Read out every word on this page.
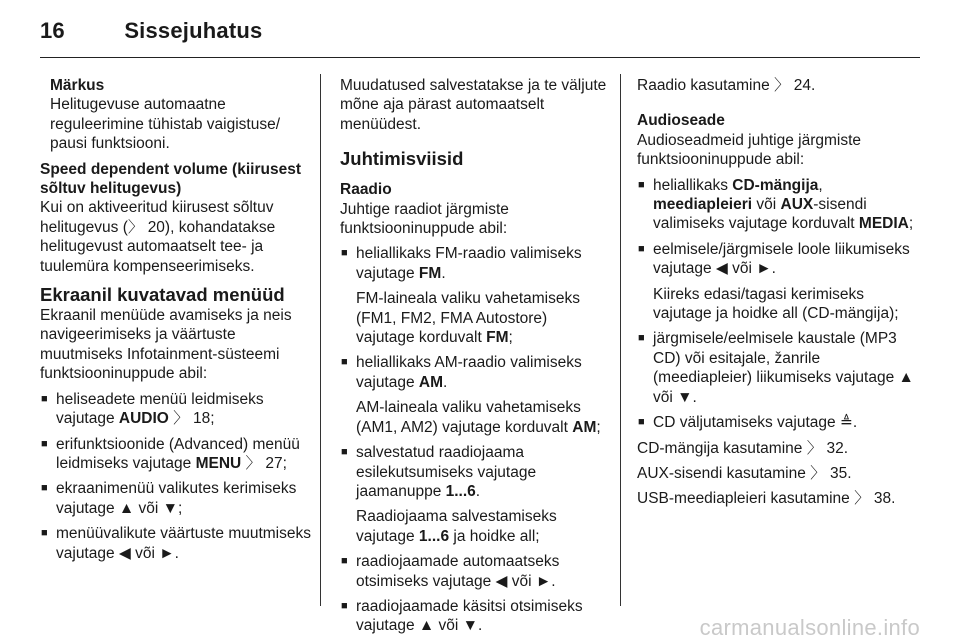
16	Sissejuhatus
Märkus
Helitugevuse automaatne reguleerimine tühistab vaigistuse/ pausi funktsiooni.

Speed dependent volume (kiirusest sõltuv helitugevus)

Kui on aktiveeritud kiirusest sõltuv helitugevus (〉 20), kohandatakse helitugevust automaatselt tee- ja tuulemüra kompenseerimiseks.

Ekraanil kuvatavad menüüd

Ekraanil menüüde avamiseks ja neis navigeerimiseks ja väärtuste muutmiseks Infotainment-süsteemi funktsiooninuppude abil:

■ heliseadete menüü leidmiseks vajutage AUDIO 〉 18;
■ erifunktsioonide (Advanced) menüü leidmiseks vajutage MENU 〉 27;
■ ekraanimenüü valikutes kerimiseks vajutage ▲ või ▼;
■ menüüvalikute väärtuste muutmiseks vajutage ◀ või ►.

Muudatused salvestatakse ja te väljute mõne aja pärast automaatselt menüüdest.

Juhtimisviisid

Raadio

Juhtige raadiot järgmiste funktsiooninuppude abil:

■ heliallikaks FM-raadio valimiseks vajutage FM.

FM-laineala valiku vahetamiseks (FM1, FM2, FMA Autostore) vajutage korduvalt FM;

■ heliallikaks AM-raadio valimiseks vajutage AM.

AM-laineala valiku vahetamiseks (AM1, AM2) vajutage korduvalt AM;

■ salvestatud raadiojaama esilekutsumiseks vajutage jaamanuppe 1...6.

Raadiojaama salvestamiseks vajutage 1...6 ja hoidke all;

■ raadiojaamade automaatseks otsimiseks vajutage ◀ või ►.
■ raadiojaamade käsitsi otsimiseks vajutage ▲ või ▼.

Raadio kasutamine 〉 24.

Audioseade

Audioseadmeid juhtige järgmiste funktsiooninuppude abil:

■ heliallikaks CD-mängija, meediapleieri või AUX-sisendi valimiseks vajutage korduvalt MEDIA;

■ eelmisele/järgmisele loole liikumiseks vajutage ◀ või ►.

Kiireks edasi/tagasi kerimiseks vajutage ja hoidke all (CD-mängija);

■ järgmisele/eelmisele kaustale (MP3 CD) või esitajale, žanrile (meediapleier) liikumiseks vajutage ▲ või ▼.
■ CD väljutamiseks vajutage ≜.

CD-mängija kasutamine 〉 32.

AUX-sisendi kasutamine 〉 35.

USB-meediapleieri kasutamine 〉 38.

carmanualsonline.info
